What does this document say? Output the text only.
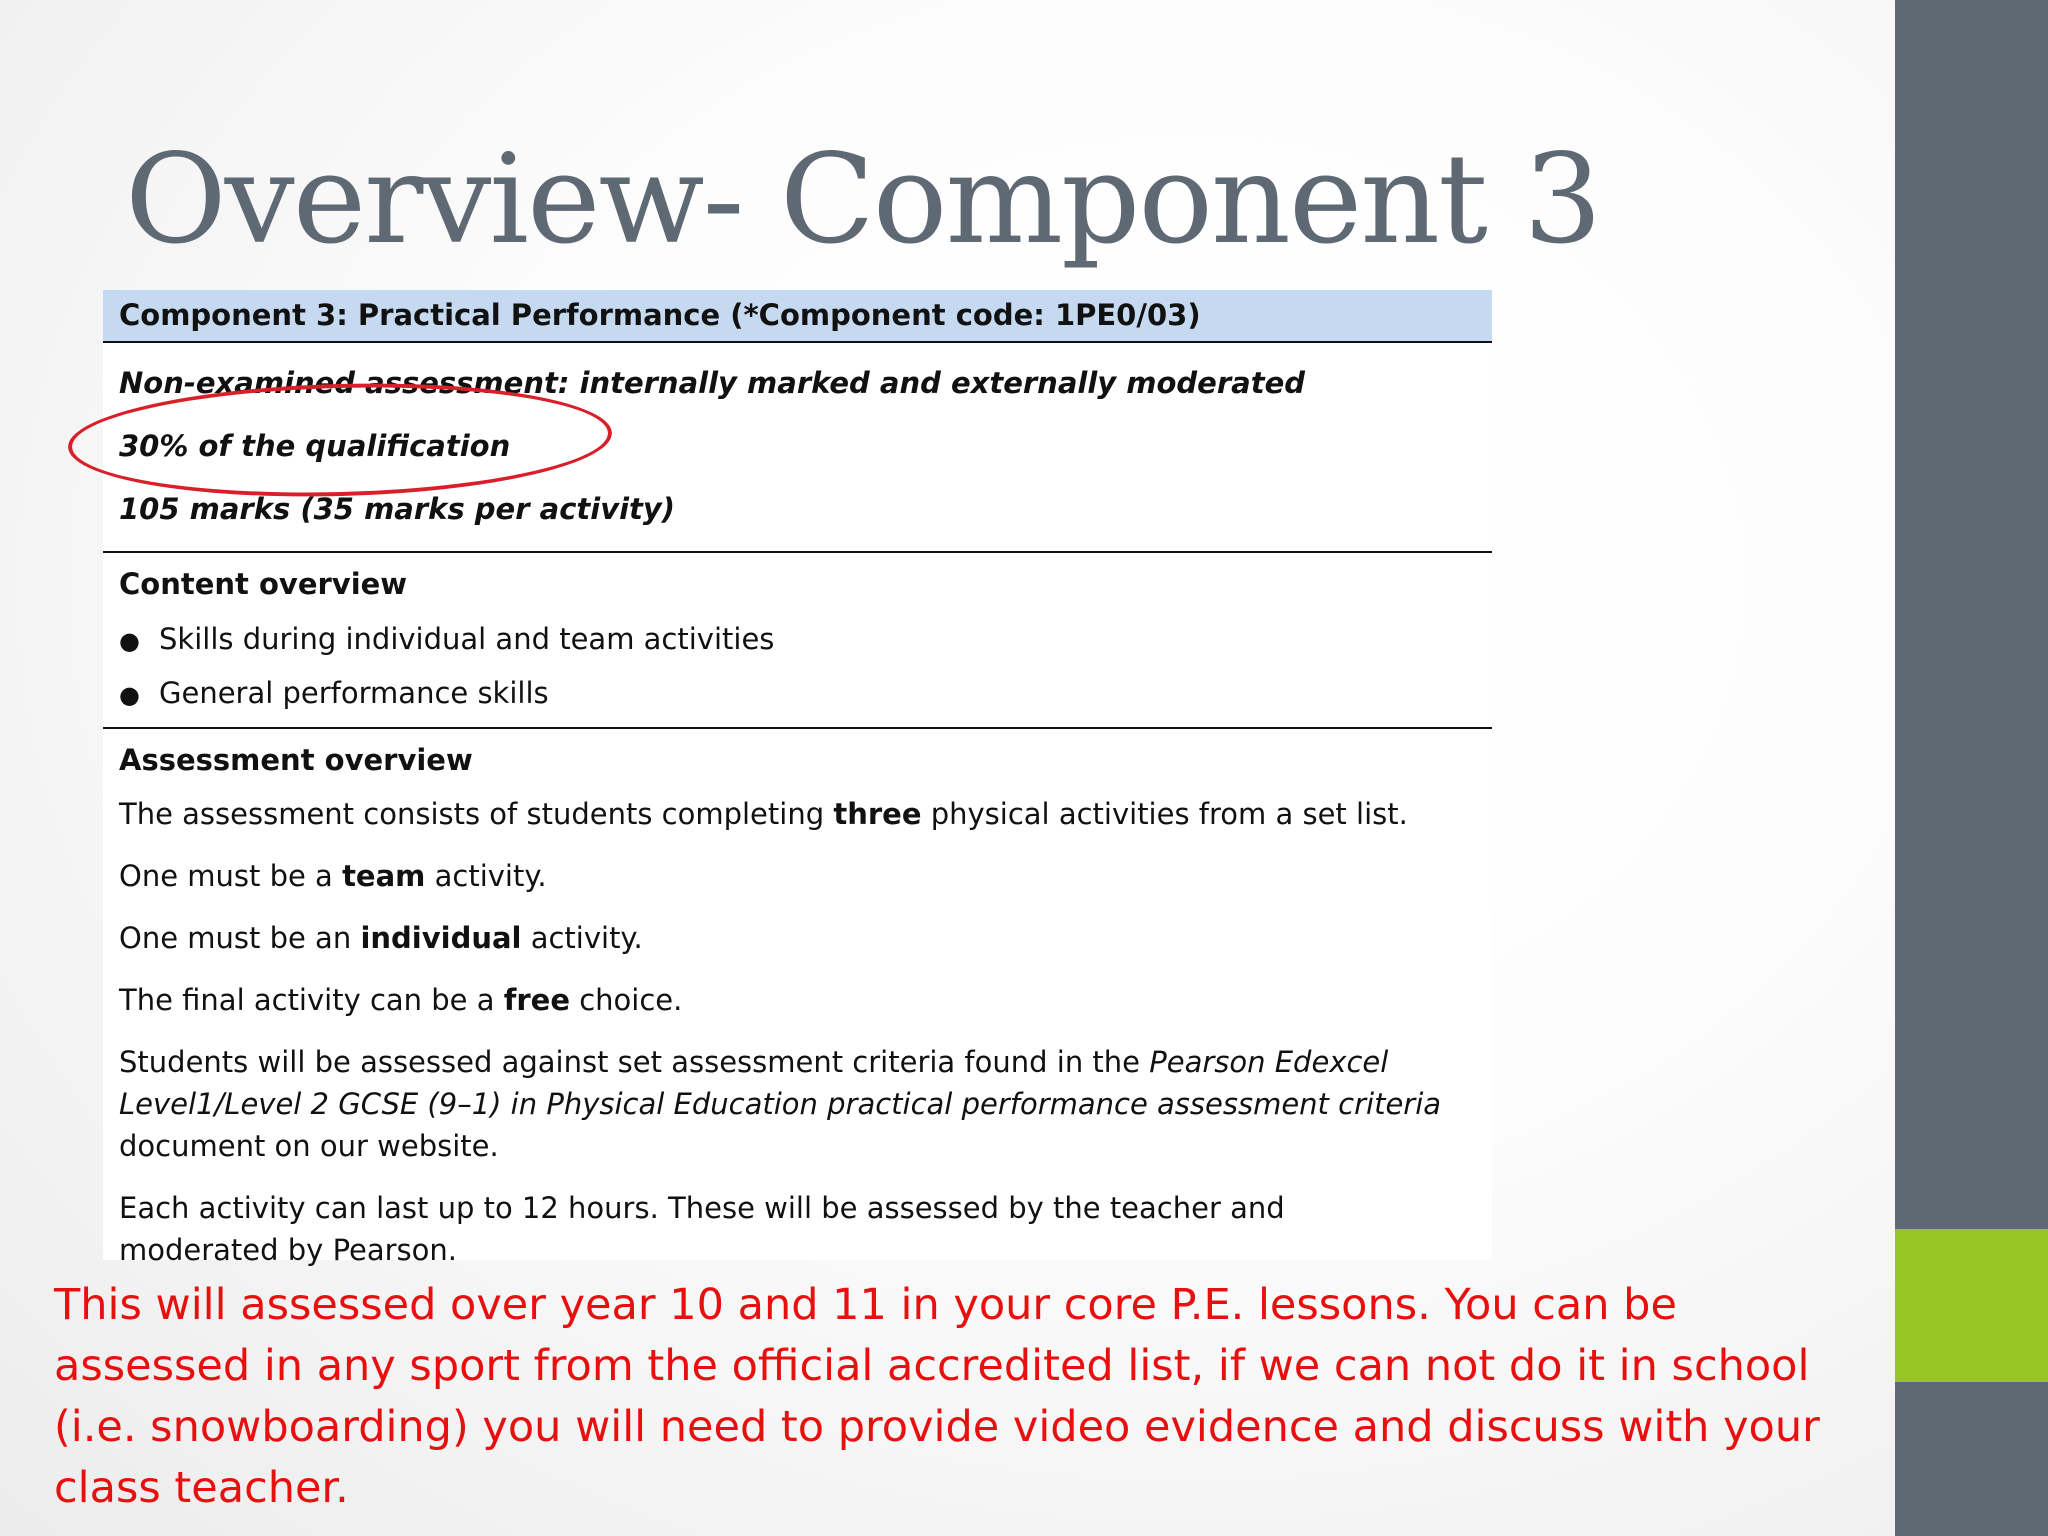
Overview- Component 3
Component 3: Practical Performance (*Component code: 1PE0/03)
Non-examined assessment: internally marked and externally moderated
30% of the qualification
105 marks (35 marks per activity)
Content overview
● Skills during individual and team activities
● General performance skills
Assessment overview

The assessment consists of students completing three physical activities from a set list.

One must be a team activity.

One must be an individual activity.

The final activity can be a free choice.

Students will be assessed against set assessment criteria found in the Pearson Edexcel Level1/Level 2 GCSE (9–1) in Physical Education practical performance assessment criteria document on our website.

Each activity can last up to 12 hours. These will be assessed by the teacher and moderated by Pearson.

This will assessed over year 10 and 11 in your core P.E. lessons. You can be assessed in any sport from the official accredited list, if we can not do it in school (i.e. snowboarding) you will need to provide video evidence and discuss with your class teacher.
